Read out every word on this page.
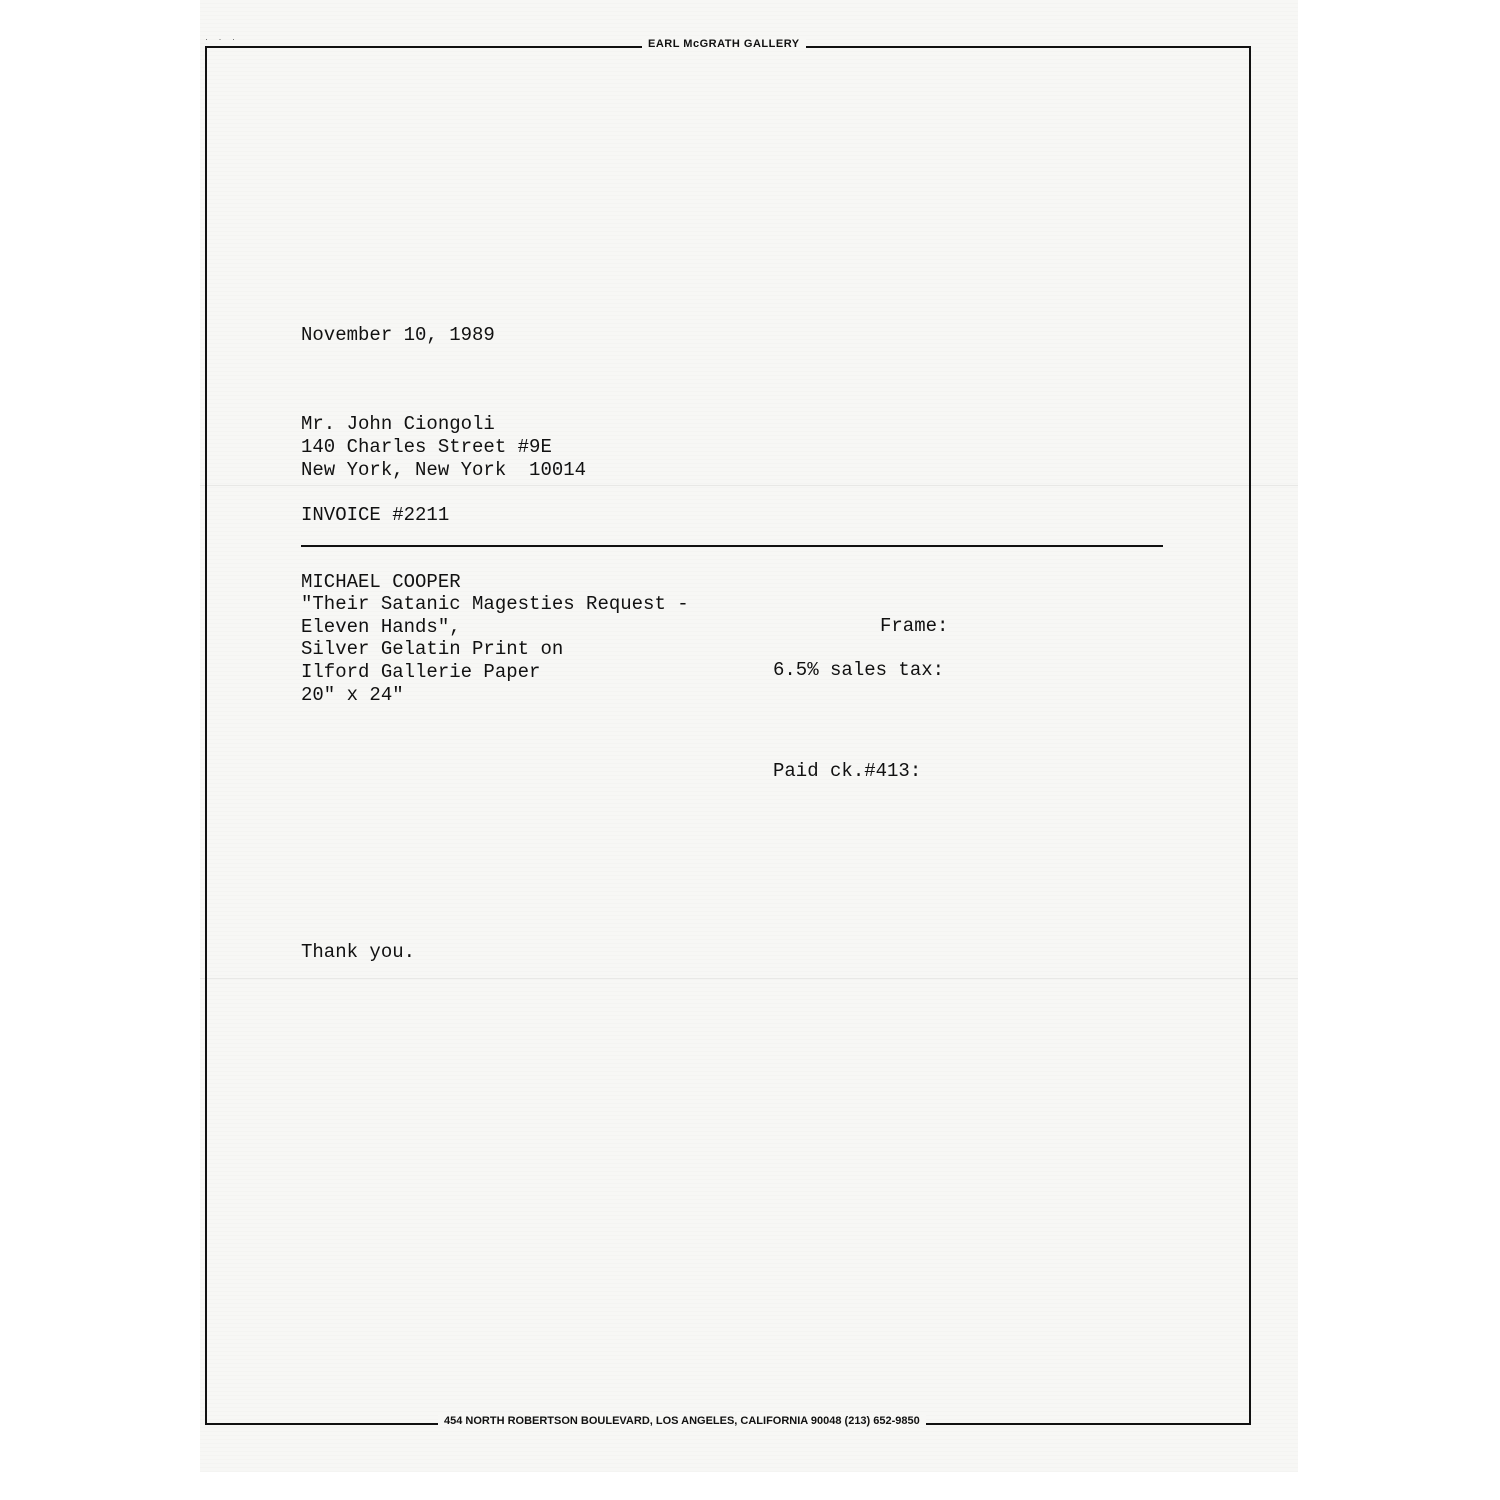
· · ·	EARL McGRATH GALLERY
454 NORTH ROBERTSON BOULEVARD, LOS ANGELES, CALIFORNIA 90048 (213) 652-9850
November 10, 1989
Mr. John Ciongoli
140 Charles Street #9E
New York, New York  10014
INVOICE #2211
MICHAEL COOPER
"Their Satanic Magesties Request -
Eleven Hands",
Silver Gelatin Print on
Ilford Gallerie Paper
20" x 24"
Frame:
6.5% sales tax:
Paid ck.#413:
Thank you.
